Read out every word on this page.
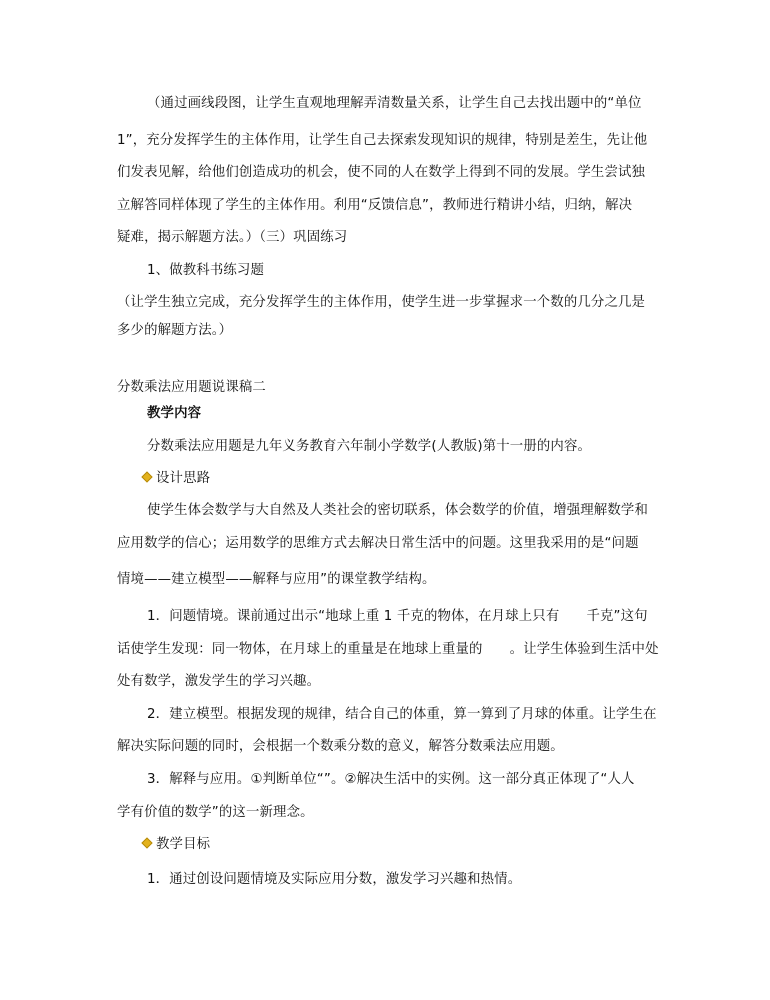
（通过画线段图，让学生直观地理解弄清数量关系，让学生自己去找出题中的“单位
1”，充分发挥学生的主体作用，让学生自己去探索发现知识的规律，特别是差生，先让他
们发表见解，给他们创造成功的机会，使不同的人在数学上得到不同的发展。学生尝试独
立解答同样体现了学生的主体作用。利用“反馈信息”，教师进行精讲小结，归纳，解决
疑难，揭示解题方法。）（三）巩固练习
1、做教科书练习题
（让学生独立完成，充分发挥学生的主体作用，使学生进一步掌握求一个数的几分之几是
多少的解题方法。）
分数乘法应用题说课稿二
教学内容
分数乘法应用题是九年义务教育六年制小学数学(人教版)第十一册的内容。
设计思路
使学生体会数学与大自然及人类社会的密切联系，体会数学的价值，增强理解数学和
应用数学的信心；运用数学的思维方式去解决日常生活中的问题。这里我采用的是“问题
情境——建立模型——解释与应用”的课堂教学结构。
1．问题情境。课前通过出示“地球上重 1 千克的物体，在月球上只有　　千克”这句
话使学生发现：同一物体，在月球上的重量是在地球上重量的　　。让学生体验到生活中处
处有数学，激发学生的学习兴趣。
2．建立模型。根据发现的规律，结合自己的体重，算一算到了月球的体重。让学生在
解决实际问题的同时，会根据一个数乘分数的意义，解答分数乘法应用题。
3．解释与应用。①判断单位“”。②解决生活中的实例。这一部分真正体现了“人人
学有价值的数学”的这一新理念。
教学目标
1．通过创设问题情境及实际应用分数，激发学习兴趣和热情。
